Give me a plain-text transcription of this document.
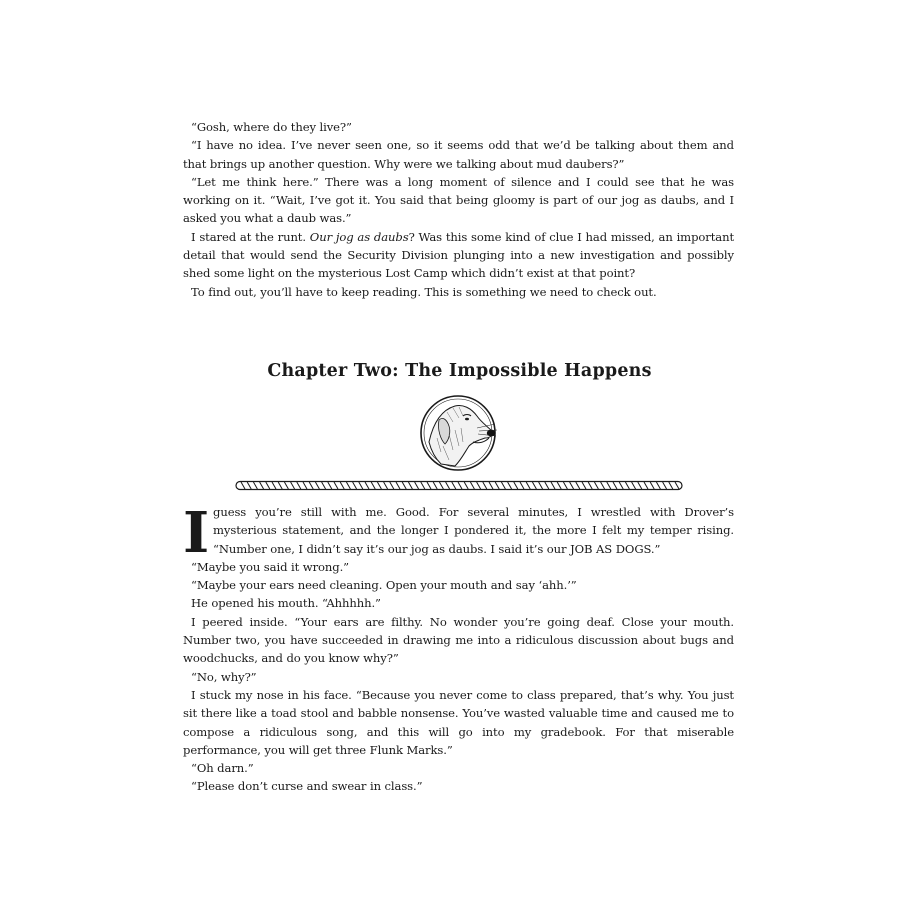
“Gosh, where do they live?”

“I have no idea. I’ve never seen one, so it seems odd that we’d be talking about them and that brings up another question. Why were we talking about mud daubers?”

“Let me think here.” There was a long moment of silence and I could see that he was working on it. “Wait, I’ve got it. You said that being gloomy is part of our jog as daubs, and I asked you what a daub was.”

I stared at the runt. Our jog as daubs? Was this some kind of clue I had missed, an important detail that would send the Security Division plunging into a new investigation and possibly shed some light on the mysterious Lost Camp which didn’t exist at that point?

To find out, you’ll have to keep reading. This is something we need to check out.

Chapter Two: The Impossible Happens
I guess you’re still with me. Good. For several minutes, I wrestled with Drover’s mysterious statement, and the longer I pondered it, the more I felt my temper rising. “Number one, I didn’t say it’s our jog as daubs. I said it’s our JOB AS DOGS.”

“Maybe you said it wrong.”

“Maybe your ears need cleaning. Open your mouth and say ‘ahh.’”

He opened his mouth. “Ahhhhh.”

I peered inside. “Your ears are filthy. No wonder you’re going deaf. Close your mouth. Number two, you have succeeded in drawing me into a ridiculous discussion about bugs and woodchucks, and do you know why?”

“No, why?”

I stuck my nose in his face. “Because you never come to class prepared, that’s why. You just sit there like a toad stool and babble nonsense. You’ve wasted valuable time and caused me to compose a ridiculous song, and this will go into my gradebook. For that miserable performance, you will get three Flunk Marks.”

“Oh darn.”

“Please don’t curse and swear in class.”
